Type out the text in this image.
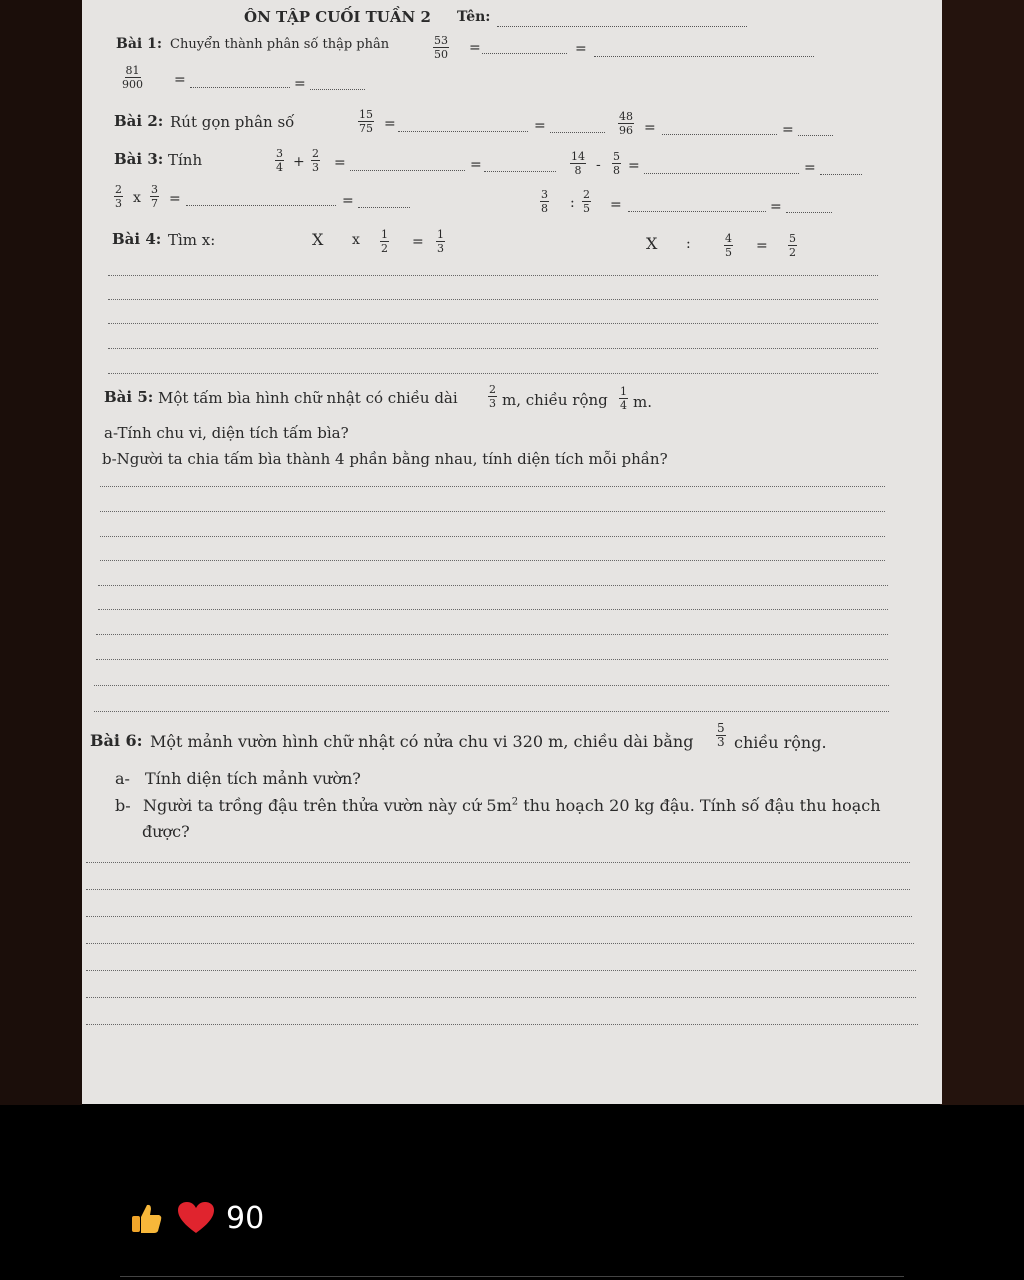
ÔN TẬP CUỐI TUẦN 2 Tên:
Bài 1: Chuyển thành phân số thập phân	$\frac{53}{50}$ =	=
$\frac{81}{900}$ =	=
Bài 2: Rút gọn phân số	$\frac{15}{75}$ =	=	$\frac{48}{96}$ =	=
Bài 3: Tính	$\frac{3}{4} + \frac{2}{3}$ =	=	$\frac{14}{8} - \frac{5}{8}$ =	=
$\frac{2}{3}$ x $\frac{3}{7}$ =	=	$\frac{3}{8}$ : $\frac{2}{5}$ =	=
Bài 4: Tìm x:	X x $\frac{1}{2} = \frac{1}{3}$	X :	$\frac{4}{5} = \frac{5}{2}$
Bài 5: Một tấm bìa hình chữ nhật có chiều dài	$\frac{2}{3} m$, chiều rộng $\frac{1}{4} m$.
a-Tính chu vi, diện tích tấm bìa?
b-Người ta chia tấm bìa thành 4 phần bằng nhau, tính diện tích mỗi phần?
Bài 6: Một mảnh vườn hình chữ nhật có nửa chu vi 320 m, chiều dài bằng $\frac{5}{3}$ chiều rộng.
a- Tính diện tích mảnh vườn?
b- Người ta trồng đậu trên thửa vườn này cứ $5m^2$ thu hoạch 20 kg đậu. Tính số đậu thu hoạch
được?
90
